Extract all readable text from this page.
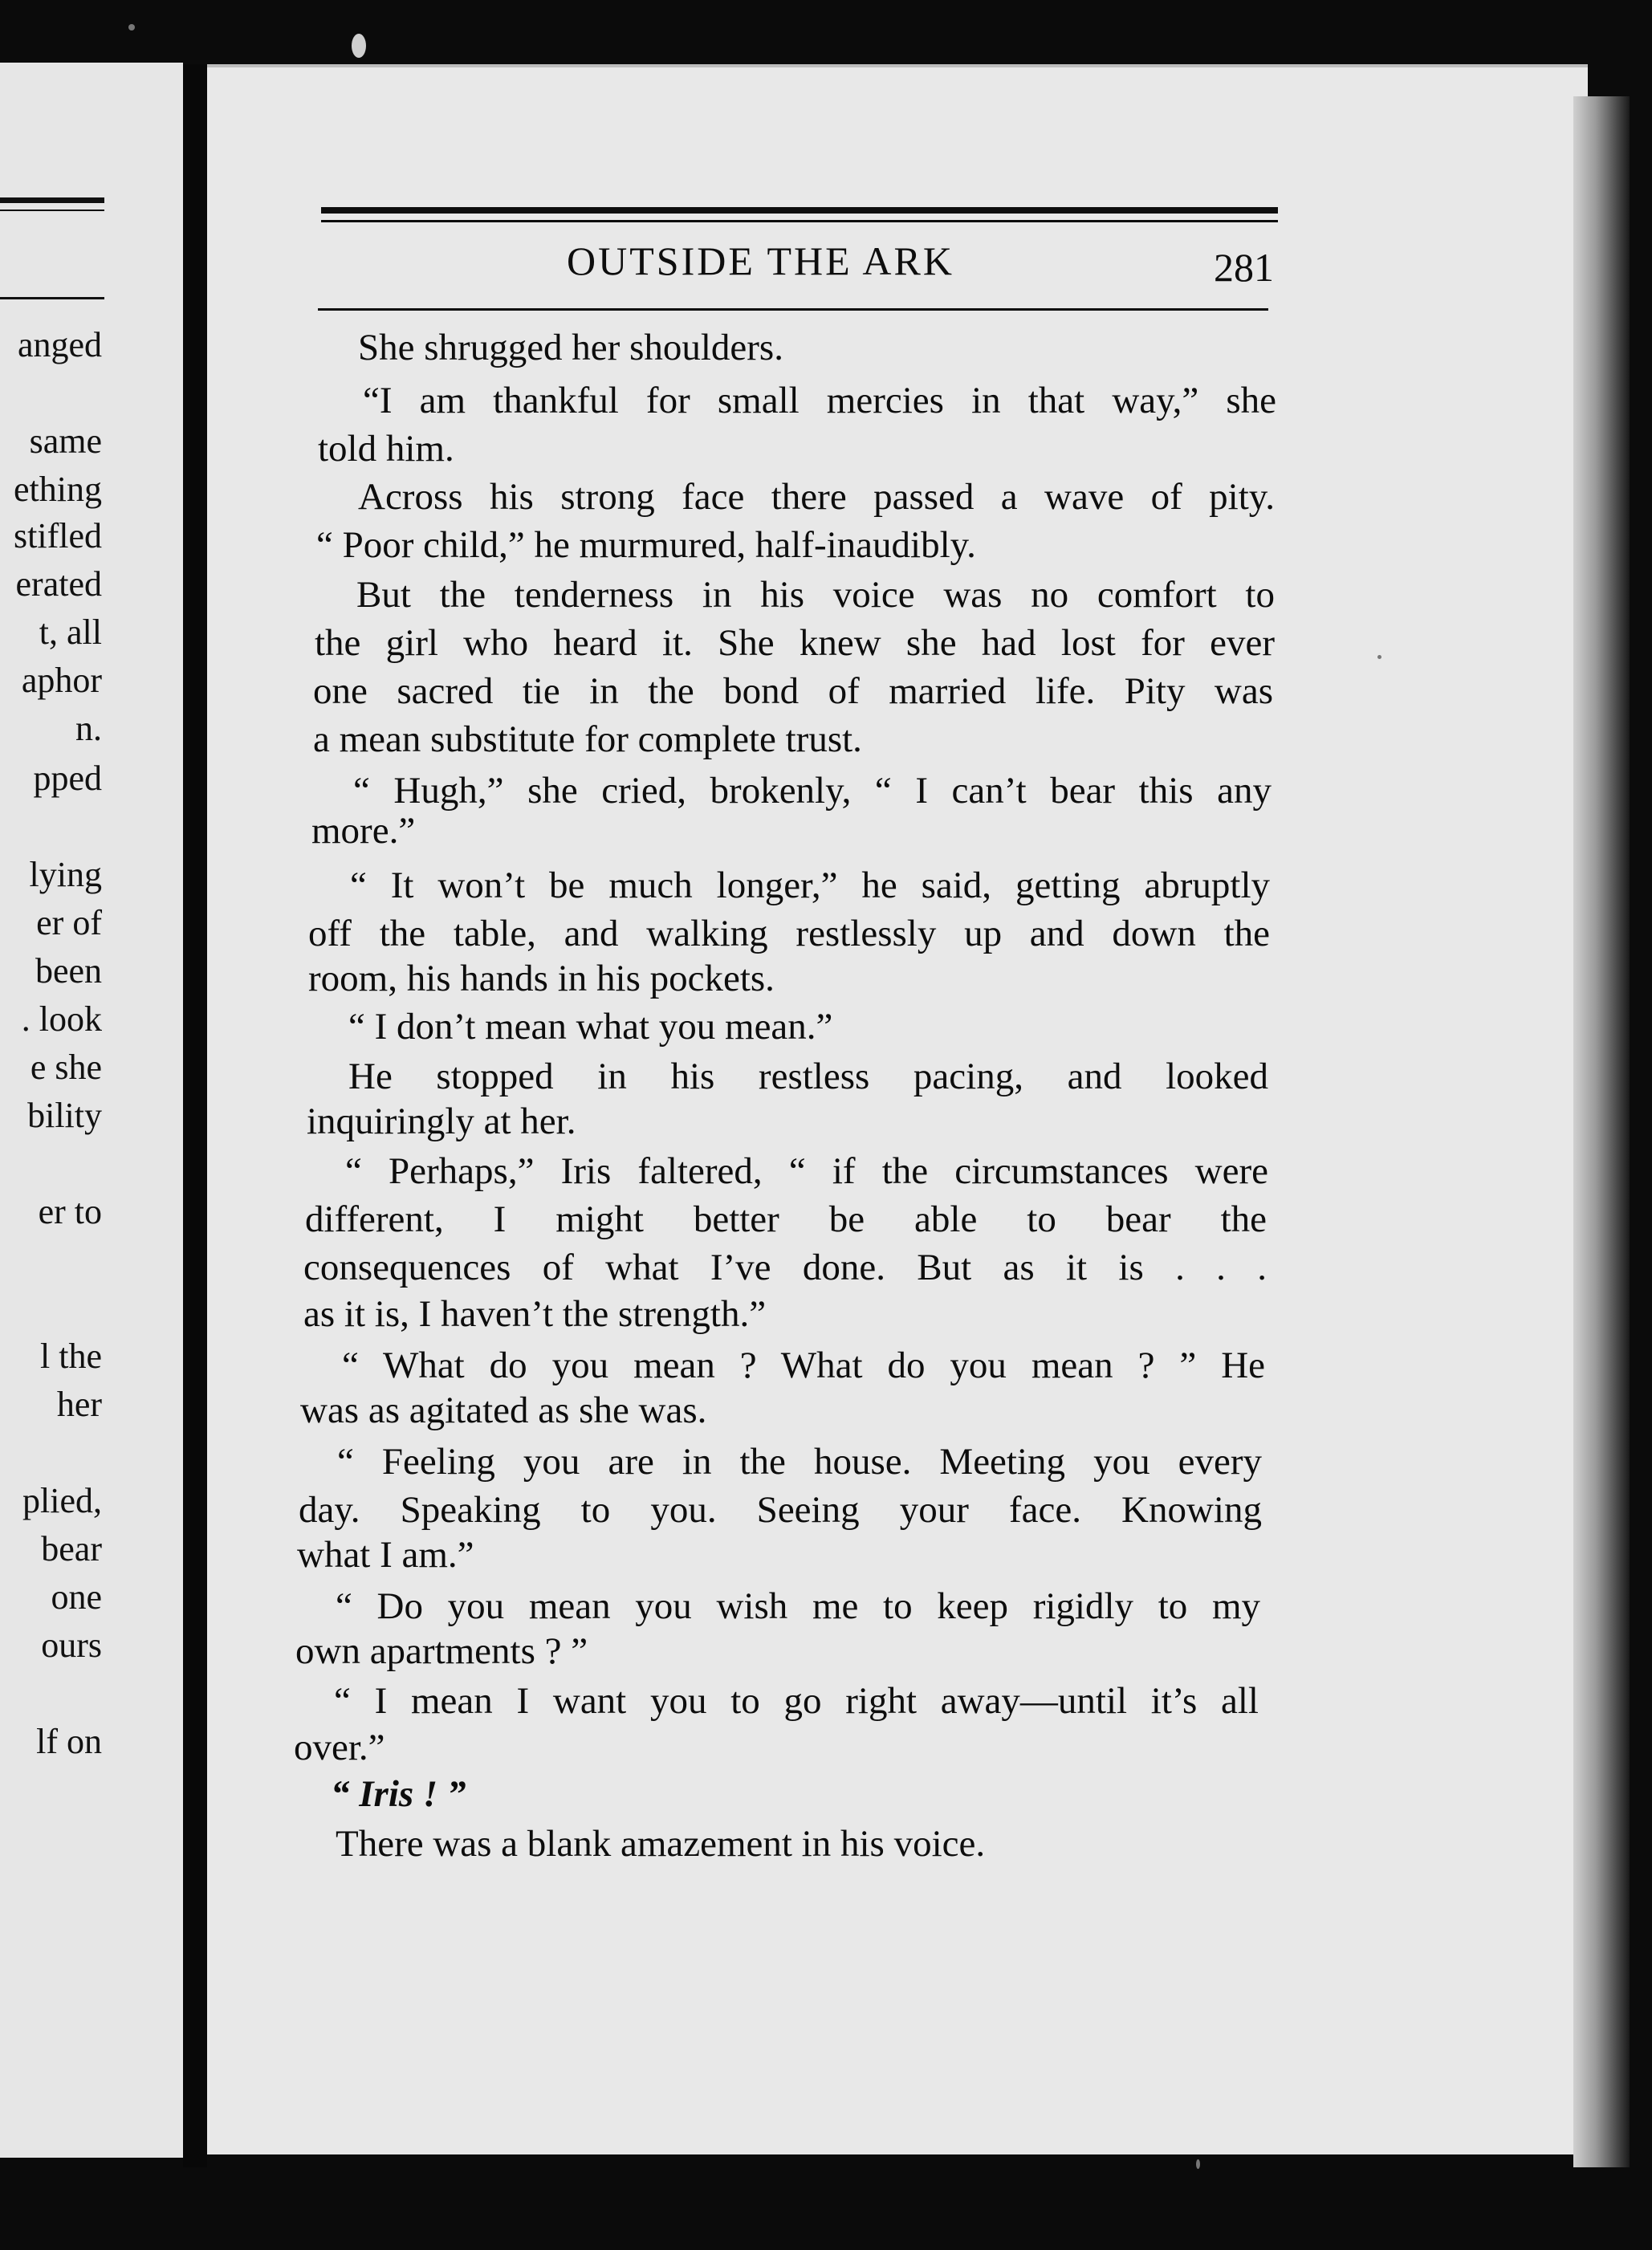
anged

same

ething

stifled

erated

t, all

aphor

n.

pped

lying

er of

been

. look

e she

bility

er to

l the

her

plied,

bear

one

ours

lf on

OUTSIDE THE ARK	281

She shrugged her shoulders.

“I am thankful for small mercies in that way,” she

told him.

Across his strong face there passed a wave of pity.

“ Poor child,” he murmured, half-inaudibly.

But the tenderness in his voice was no comfort to

the girl who heard it. She knew she had lost for ever

one sacred tie in the bond of married life. Pity was

a mean substitute for complete trust.

“ Hugh,” she cried, brokenly, “ I can’t bear this any

more.”

“ It won’t be much longer,” he said, getting abruptly

off the table, and walking restlessly up and down the

room, his hands in his pockets.

“ I don’t mean what you mean.”

He stopped in his restless pacing, and looked

inquiringly at her.

“ Perhaps,” Iris faltered, “ if the circumstances were

different, I might better be able to bear the

consequences of what I’ve done. But as it is . . .

as it is, I haven’t the strength.”

“ What do you mean ? What do you mean ? ” He

was as agitated as she was.

“ Feeling you are in the house. Meeting you every

day. Speaking to you. Seeing your face. Knowing

what I am.”

“ Do you mean you wish me to keep rigidly to my

own apartments ? ”

“ I mean I want you to go right away—until it’s all

over.”

“ Iris ! ”

There was a blank amazement in his voice.
